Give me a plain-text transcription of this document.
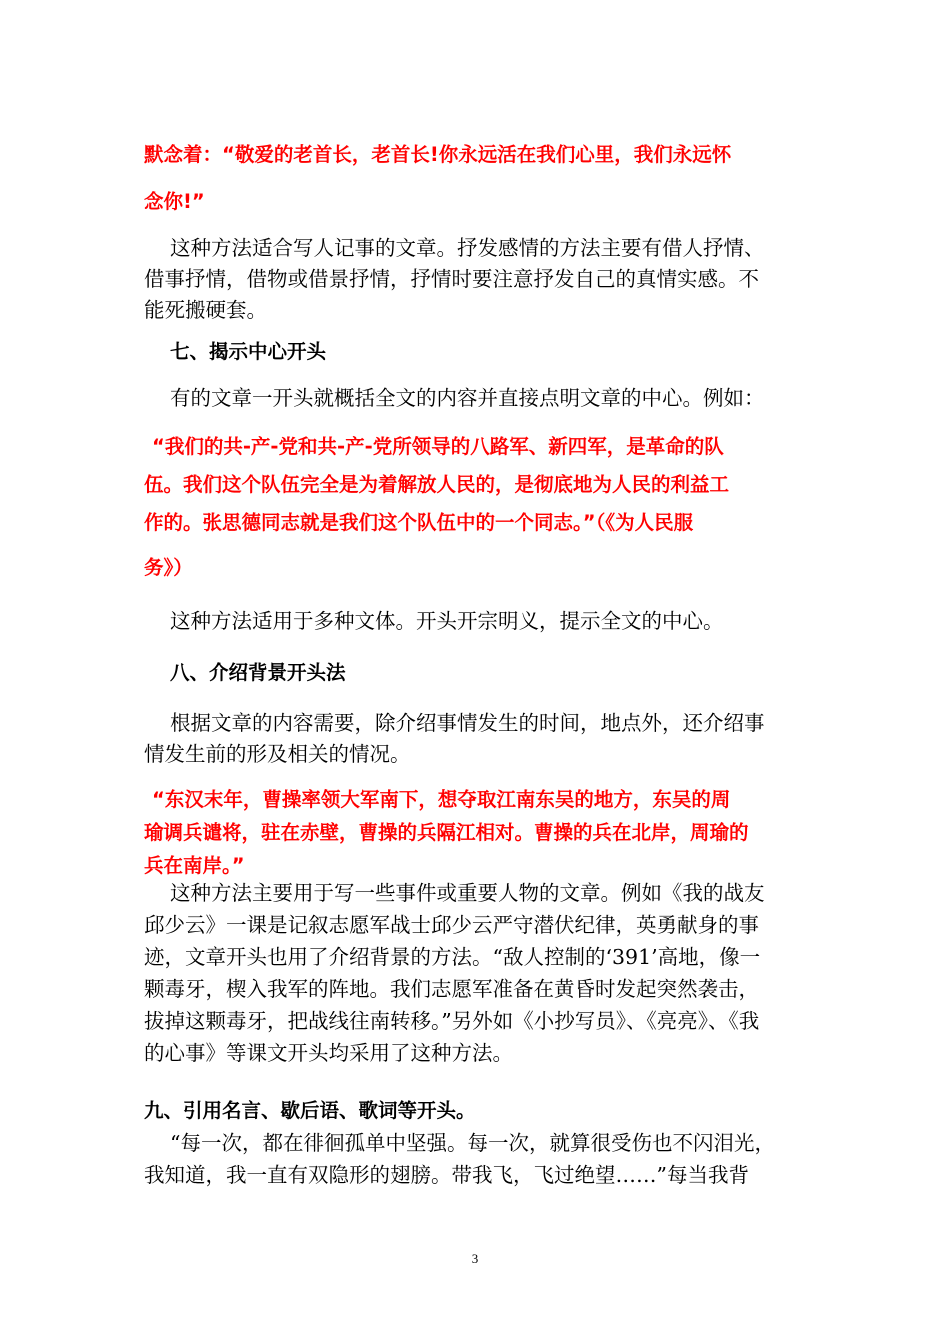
默念着：“敬爱的老首长，老首长!你永远活在我们心里，我们永远怀
念你!”

这种方法适合写人记事的文章。抒发感情的方法主要有借人抒情、
借事抒情，借物或借景抒情，抒情时要注意抒发自己的真情实感。不
能死搬硬套。

七、揭示中心开头

有的文章一开头就概括全文的内容并直接点明文章的中心。例如：

“我们的共-产-党和共-产-党所领导的八路军、新四军，是革命的队
伍。我们这个队伍完全是为着解放人民的，是彻底地为人民的利益工
作的。张思德同志就是我们这个队伍中的一个同志。”（《为人民服
务》）

这种方法适用于多种文体。开头开宗明义，提示全文的中心。

八、介绍背景开头法

根据文章的内容需要，除介绍事情发生的时间，地点外，还介绍事
情发生前的形及相关的情况。

“东汉末年，曹操率领大军南下，想夺取江南东吴的地方，东吴的周
瑜调兵谴将，驻在赤壁，曹操的兵隔江相对。曹操的兵在北岸，周瑜的
兵在南岸。”

这种方法主要用于写一些事件或重要人物的文章。例如《我的战友
邱少云》一课是记叙志愿军战士邱少云严守潜伏纪律，英勇献身的事
迹，文章开头也用了介绍背景的方法。“敌人控制的‘391’高地，像一
颗毒牙，楔入我军的阵地。我们志愿军准备在黄昏时发起突然袭击，
拔掉这颗毒牙，把战线往南转移。”另外如《小抄写员》、《亮亮》、《我
的心事》等课文开头均采用了这种方法。

九、引用名言、歇后语、歌词等开头。

“每一次，都在徘徊孤单中坚强。每一次，就算很受伤也不闪泪光，
我知道，我一直有双隐形的翅膀。带我飞，飞过绝望……”每当我背

3
